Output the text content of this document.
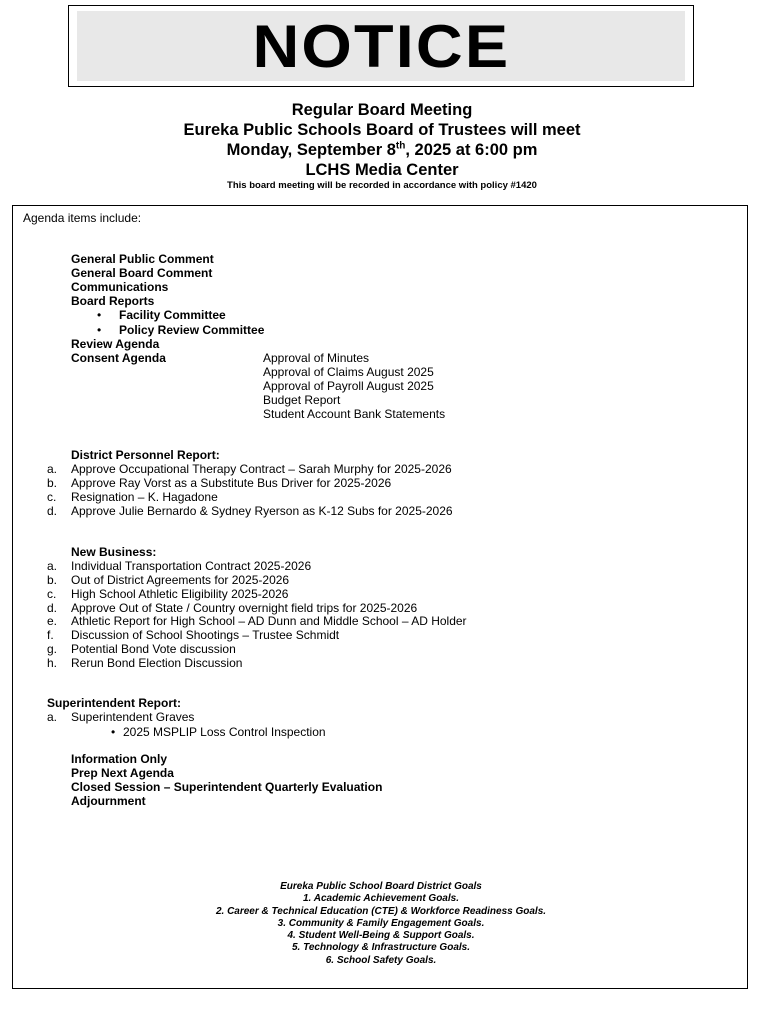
NOTICE
Regular Board Meeting
Eureka Public Schools Board of Trustees will meet
Monday, September 8th, 2025 at 6:00 pm
LCHS Media Center
This board meeting will be recorded in accordance with policy #1420
Agenda items include:
General Public Comment
General Board Comment
Communications
Board Reports
• Facility Committee
• Policy Review Committee
Review Agenda
Consent Agenda	Approval of Minutes
Approval of Claims August 2025
Approval of Payroll August 2025
Budget Report
Student Account Bank Statements
District Personnel Report:
a. Approve Occupational Therapy Contract – Sarah Murphy for 2025-2026
b. Approve Ray Vorst as a Substitute Bus Driver for 2025-2026
c. Resignation – K. Hagadone
d. Approve Julie Bernardo & Sydney Ryerson as K-12 Subs for 2025-2026
New Business:
a. Individual Transportation Contract 2025-2026
b. Out of District Agreements for 2025-2026
c. High School Athletic Eligibility 2025-2026
d. Approve Out of State / Country overnight field trips for 2025-2026
e. Athletic Report for High School – AD Dunn and Middle School – AD Holder
f. Discussion of School Shootings – Trustee Schmidt
g. Potential Bond Vote discussion
h. Rerun Bond Election Discussion
Superintendent Report:
a. Superintendent Graves
• 2025 MSPLIP Loss Control Inspection
Information Only
Prep Next Agenda
Closed Session – Superintendent Quarterly Evaluation
Adjournment
Eureka Public School Board District Goals
1. Academic Achievement Goals.
2. Career & Technical Education (CTE) & Workforce Readiness Goals.
3. Community & Family Engagement Goals.
4. Student Well-Being & Support Goals.
5. Technology & Infrastructure Goals.
6. School Safety Goals.
